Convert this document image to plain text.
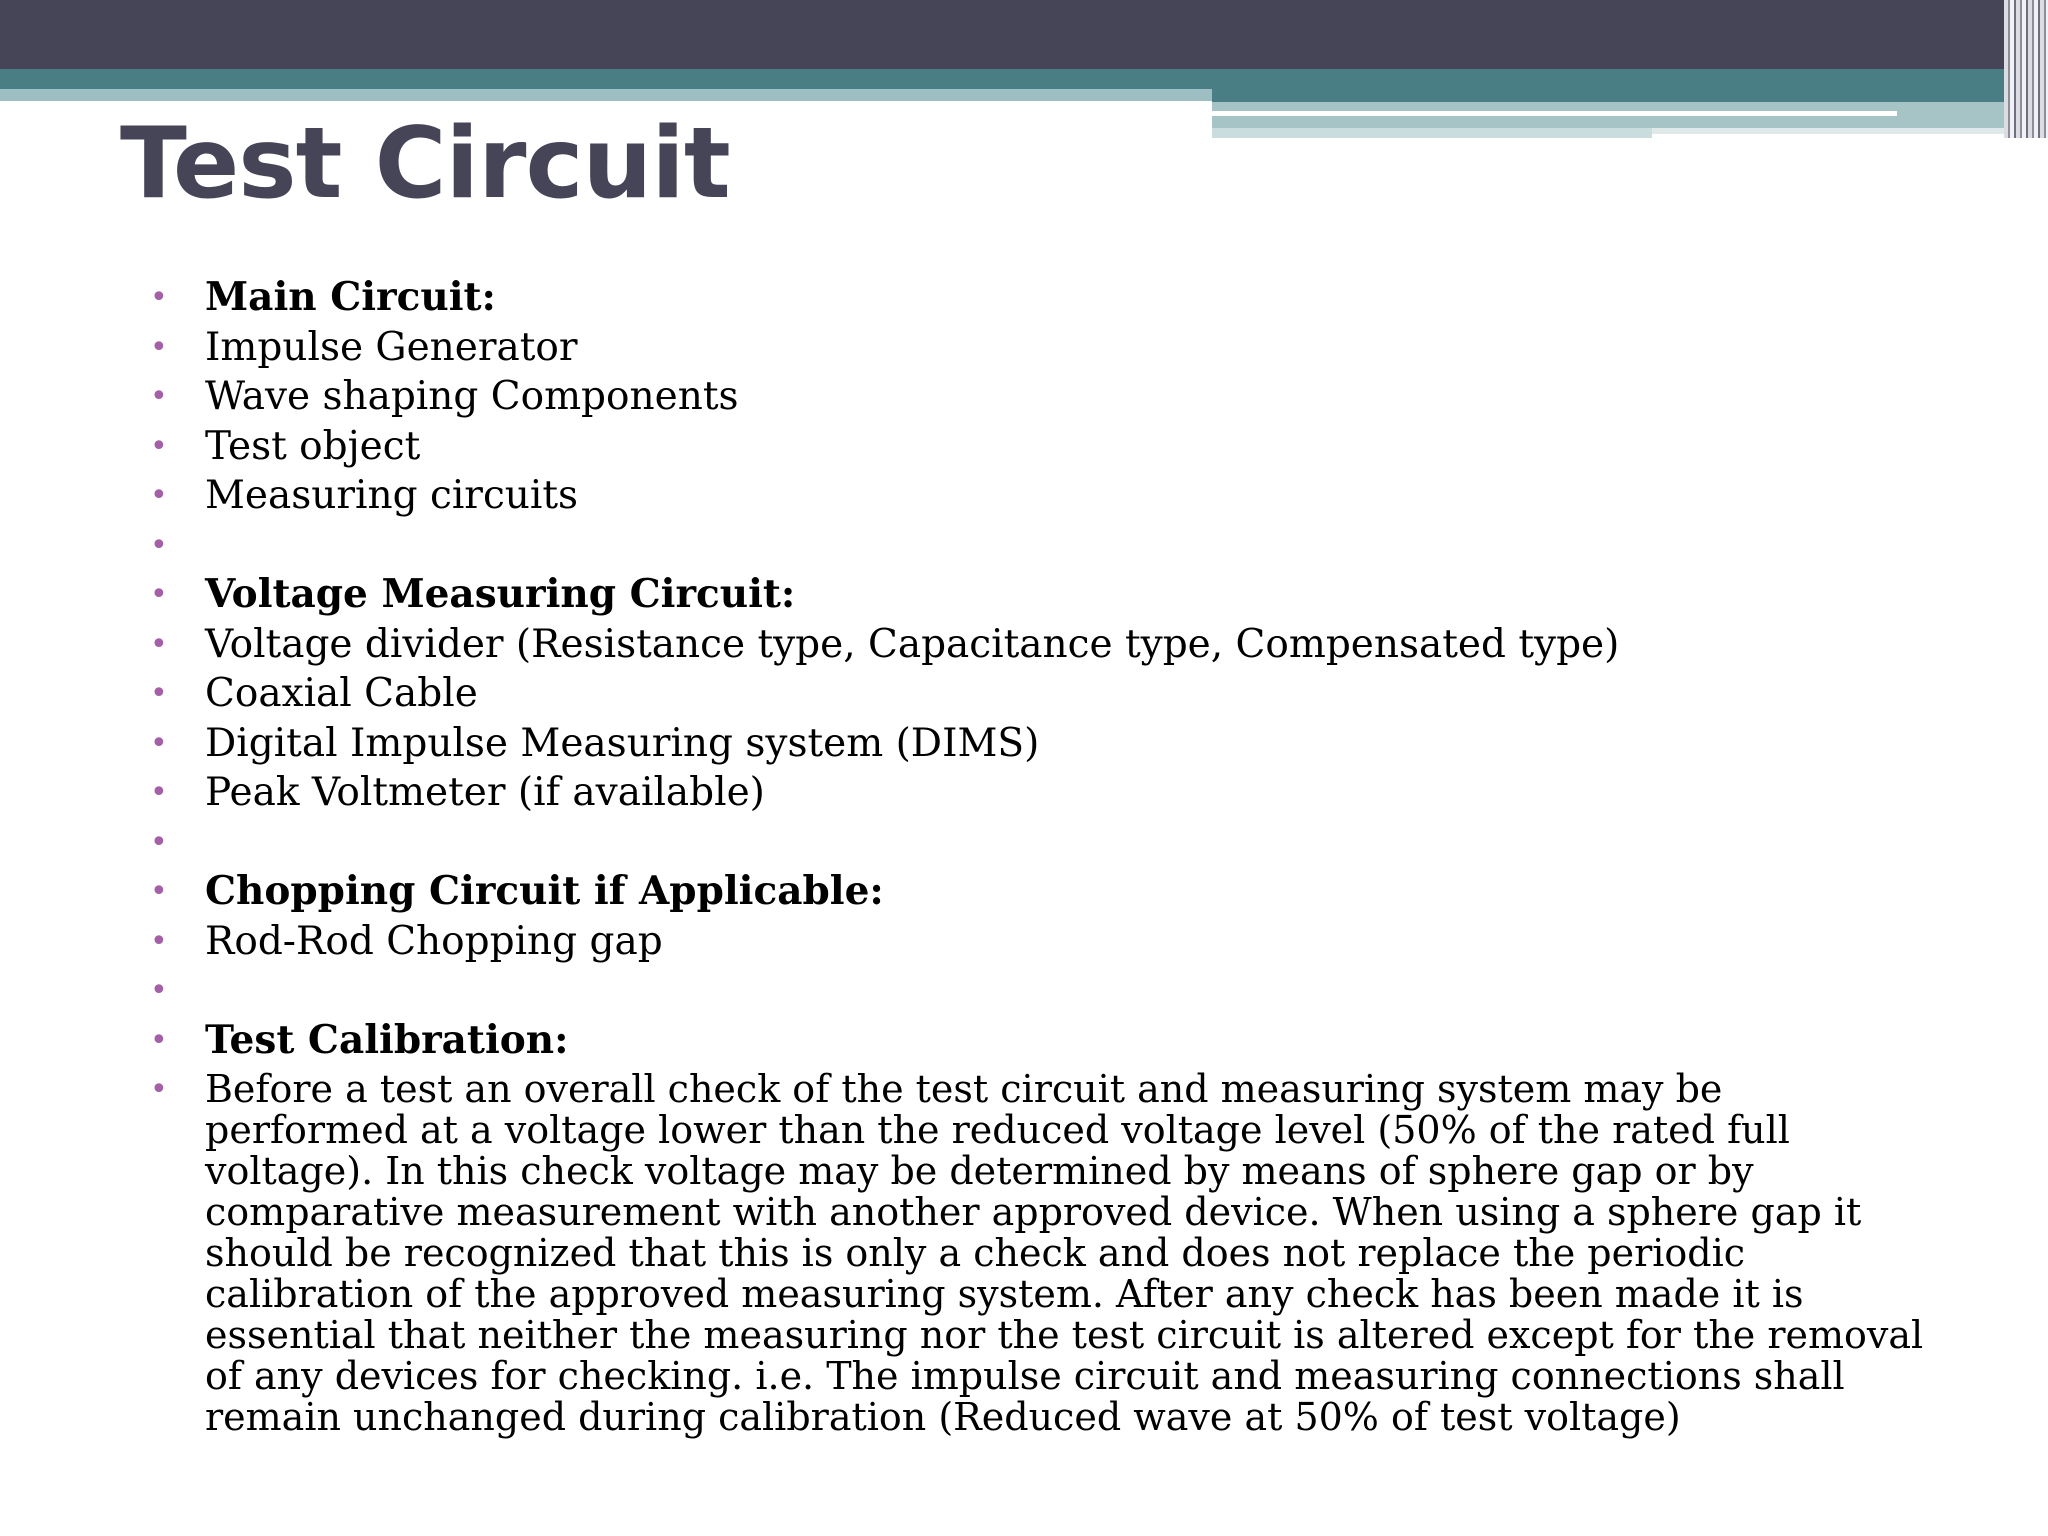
Test Circuit
• Main Circuit:
• Impulse Generator
• Wave shaping Components
• Test object
• Measuring circuits
•
• Voltage Measuring Circuit:
• Voltage divider (Resistance type, Capacitance type, Compensated type)
• Coaxial Cable
• Digital Impulse Measuring system (DIMS)
• Peak Voltmeter (if available)
•
• Chopping Circuit if Applicable:
• Rod-Rod Chopping gap
•
• Test Calibration:
• Before a test an overall check of the test circuit and measuring system may be performed at a voltage lower than the reduced voltage level (50% of the rated full voltage). In this check voltage may be determined by means of sphere gap or by comparative measurement with another approved device. When using a sphere gap it should be recognized that this is only a check and does not replace the periodic calibration of the approved measuring system. After any check has been made it is essential that neither the measuring nor the test circuit is altered except for the removal of any devices for checking. i.e. The impulse circuit and measuring connections shall remain unchanged during calibration (Reduced wave at 50% of test voltage)
